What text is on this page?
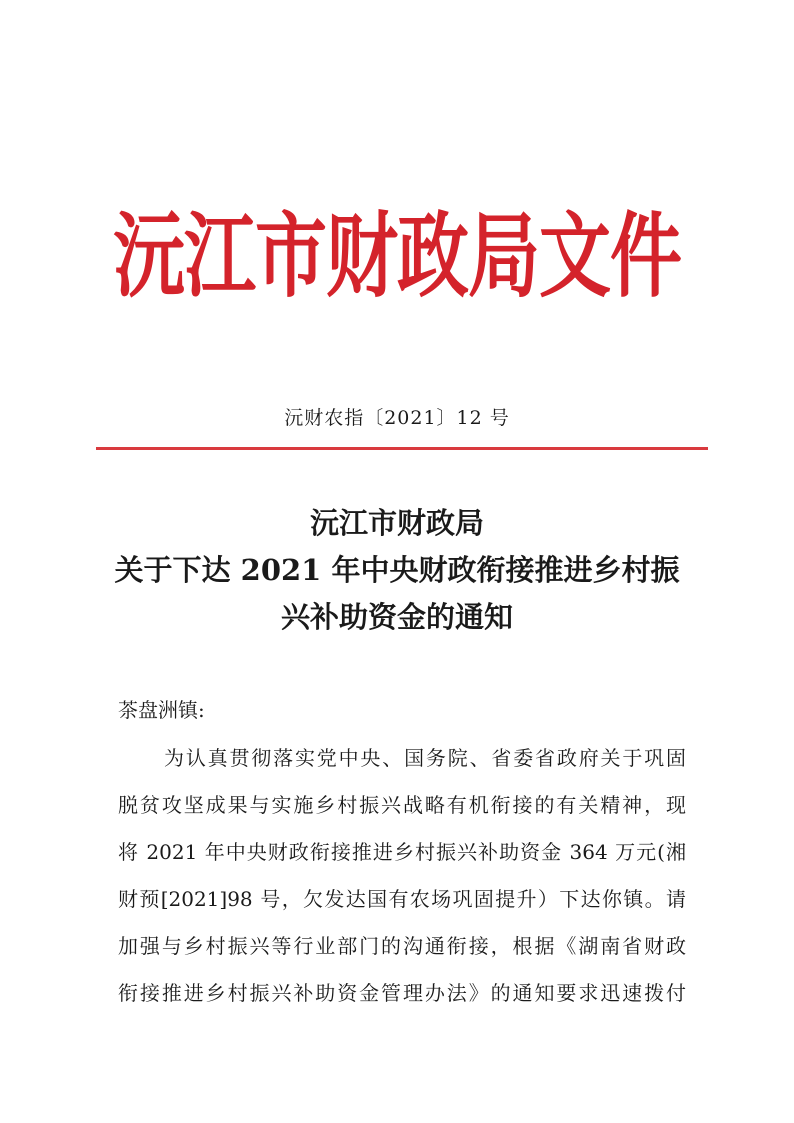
沅江市财政局文件
沅财农指〔2021〕12 号
沅江市财政局
关于下达 2021 年中央财政衔接推进乡村振
兴补助资金的通知
茶盘洲镇:
为认真贯彻落实党中央、国务院、省委省政府关于巩固
脱贫攻坚成果与实施乡村振兴战略有机衔接的有关精神，现
将 2021 年中央财政衔接推进乡村振兴补助资金 364 万元(湘
财预[2021]98 号，欠发达国有农场巩固提升）下达你镇。请
加强与乡村振兴等行业部门的沟通衔接，根据《湖南省财政
衔接推进乡村振兴补助资金管理办法》的通知要求迅速拨付
